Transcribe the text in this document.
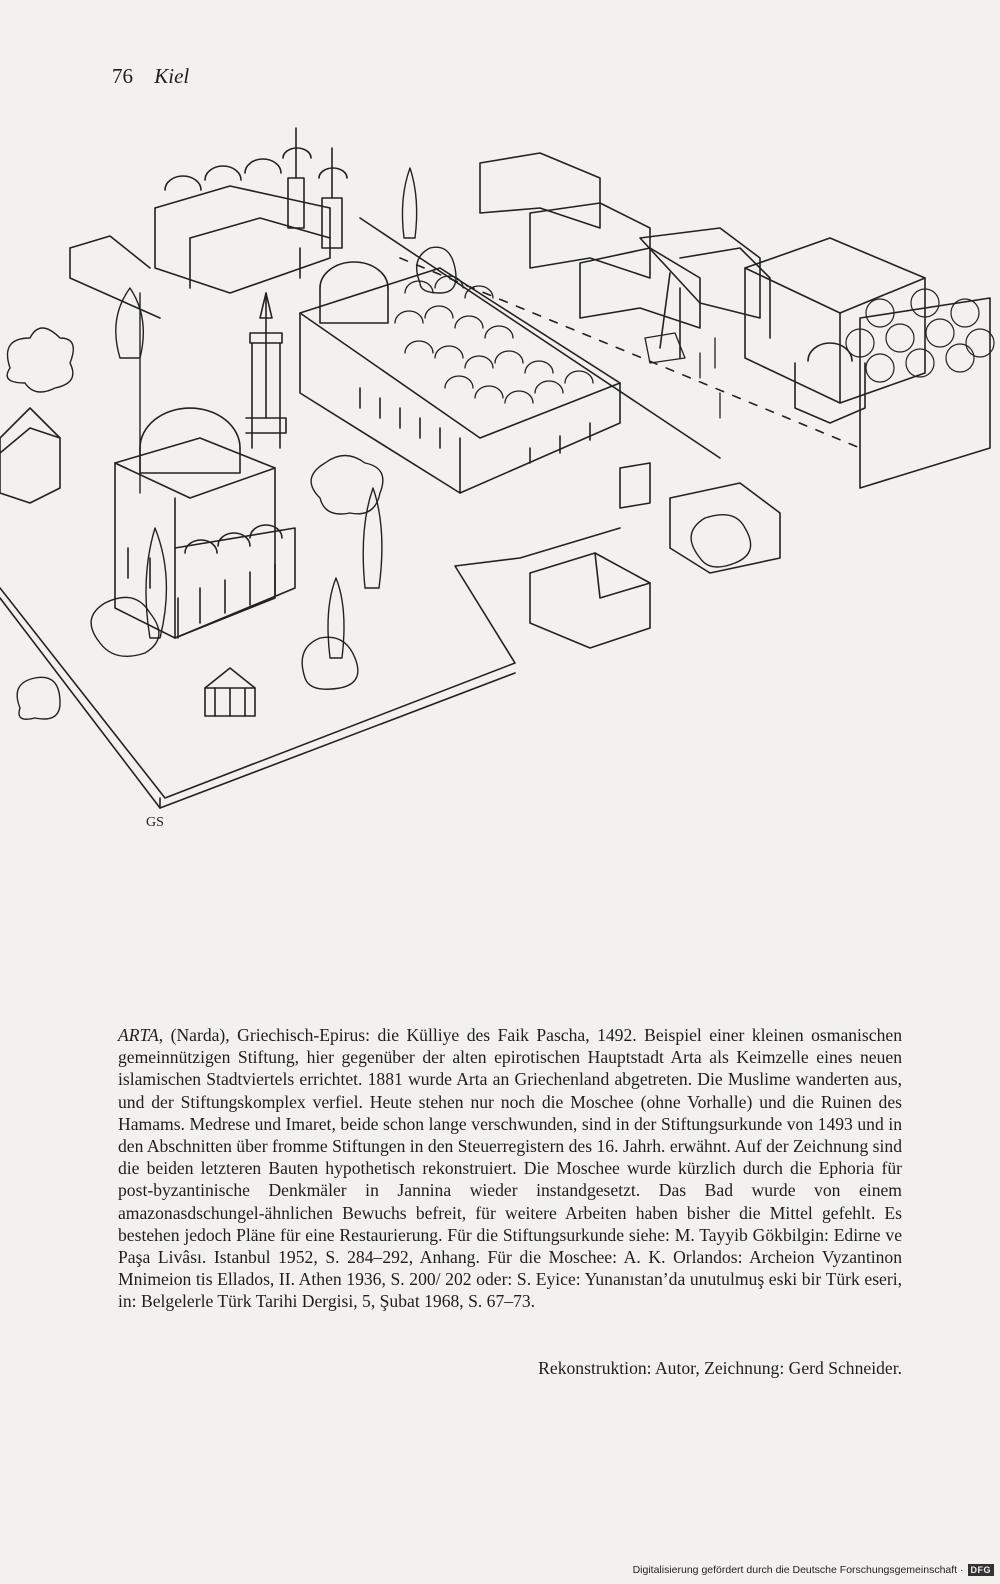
76 Kiel
GS
ARTA, (Narda), Griechisch-Epirus: die Külliye des Faik Pascha, 1492. Beispiel einer kleinen osmanischen gemeinnützigen Stiftung, hier gegenüber der alten epirotischen Hauptstadt Arta als Keimzelle eines neuen islamischen Stadtviertels errichtet. 1881 wurde Arta an Griechenland abgetreten. Die Muslime wanderten aus, und der Stiftungskomplex verfiel. Heute stehen nur noch die Moschee (ohne Vorhalle) und die Ruinen des Hamams. Medrese und Imaret, beide schon lange verschwunden, sind in der Stiftungsurkunde von 1493 und in den Abschnitten über fromme Stiftungen in den Steuerregistern des 16. Jahrh. erwähnt. Auf der Zeichnung sind die beiden letzteren Bauten hypothetisch rekonstruiert. Die Moschee wurde kürzlich durch die Ephoria für post-byzantinische Denkmäler in Jannina wieder instandgesetzt. Das Bad wurde von einem amazonasdschungel-ähnlichen Bewuchs befreit, für weitere Arbeiten haben bisher die Mittel gefehlt. Es bestehen jedoch Pläne für eine Restaurierung. Für die Stiftungsurkunde siehe: M. Tayyib Gökbilgin: Edirne ve Paşa Livâsı. Istanbul 1952, S. 284–292, Anhang. Für die Moschee: A. K. Orlandos: Archeion Vyzantinon Mnimeion tis Ellados, II. Athen 1936, S. 200/ 202 oder: S. Eyice: Yunanıstan’da unutulmuş eski bir Türk eseri, in: Belgelerle Türk Tarihi Dergisi, 5, Şubat 1968, S. 67–73.
Rekonstruktion: Autor, Zeichnung: Gerd Schneider.
Digitalisierung gefördert durch die Deutsche Forschungsgemeinschaft · DFG
